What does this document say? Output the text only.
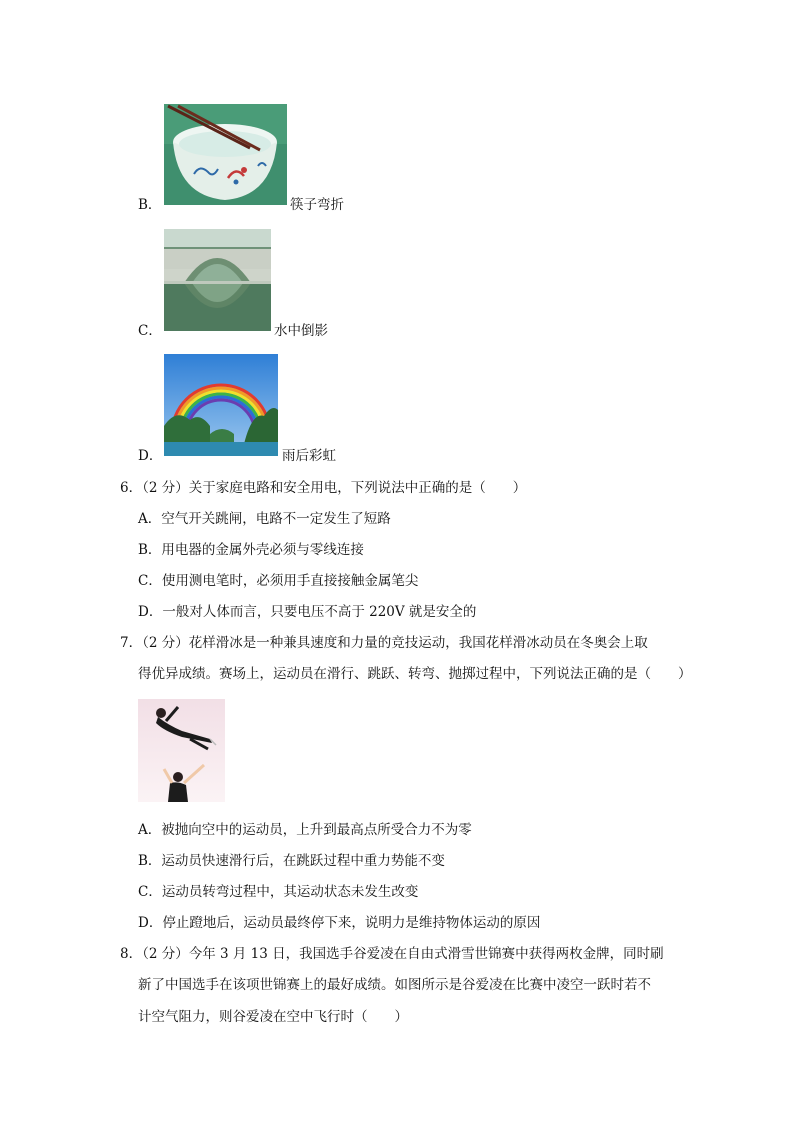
B．	筷子弯折
C．	水中倒影
D．	雨后彩虹
6．（2 分）关于家庭电路和安全用电，下列说法中正确的是（　　）
A．空气开关跳闸，电路不一定发生了短路
B．用电器的金属外壳必须与零线连接
C．使用测电笔时，必须用手直接接触金属笔尖
D．一般对人体而言，只要电压不高于 220V 就是安全的
7．（2 分）花样滑冰是一种兼具速度和力量的竞技运动，我国花样滑冰动员在冬奥会上取
得优异成绩。赛场上，运动员在滑行、跳跃、转弯、抛掷过程中，下列说法正确的是（　　）
A．被抛向空中的运动员，上升到最高点所受合力不为零
B．运动员快速滑行后，在跳跃过程中重力势能不变
C．运动员转弯过程中，其运动状态未发生改变
D．停止蹬地后，运动员最终停下来，说明力是维持物体运动的原因
8．（2 分）今年 3 月 13 日，我国选手谷爱凌在自由式滑雪世锦赛中获得两枚金牌，同时刷
新了中国选手在该项世锦赛上的最好成绩。如图所示是谷爱凌在比赛中凌空一跃时若不
计空气阻力，则谷爱凌在空中飞行时（　　）
